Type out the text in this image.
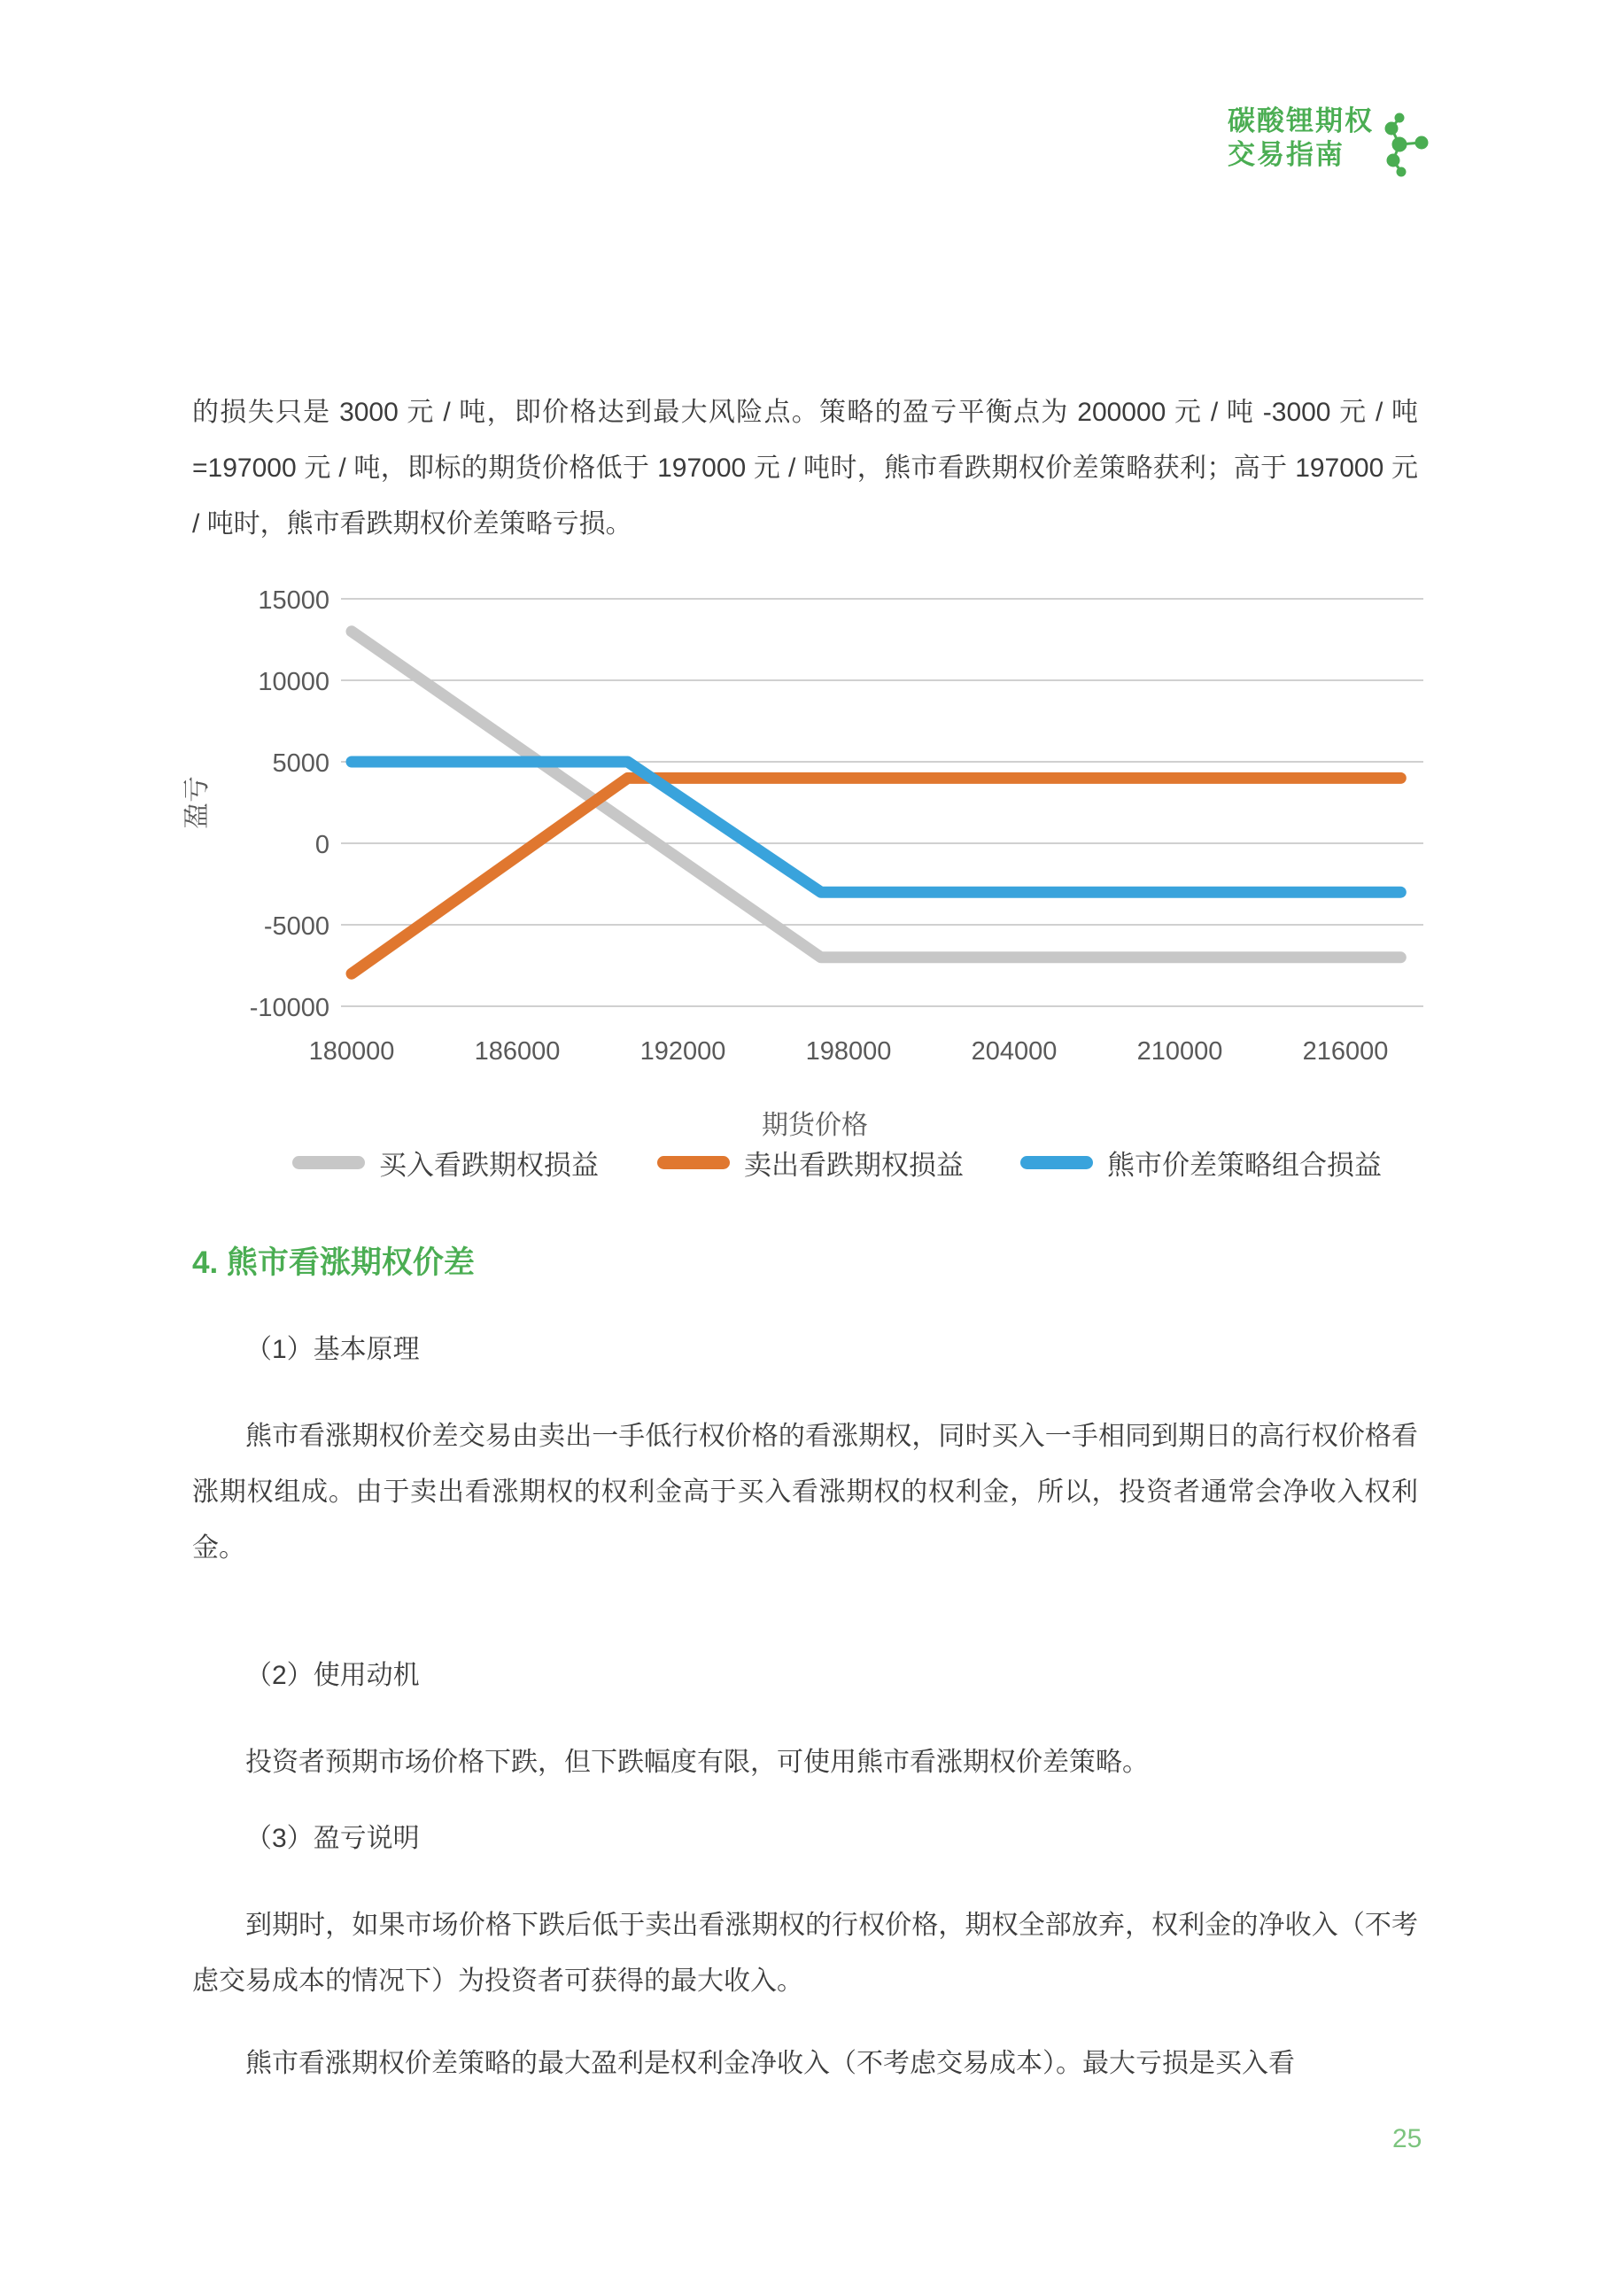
碳酸锂期权
交易指南
的损失只是 3000 元 / 吨，即价格达到最大风险点。策略的盈亏平衡点为 200000 元 / 吨 -3000 元 / 吨 =197000 元 / 吨，即标的期货价格低于 197000 元 / 吨时，熊市看跌期权价差策略获利；高于 197000 元 / 吨时，熊市看跌期权价差策略亏损。
15000
10000
5000
0
-5000
-10000
180000	186000	192000	198000	204000	210000	216000
盈亏
期货价格
买入看跌期权损益	卖出看跌期权损益	熊市价差策略组合损益
4. 熊市看涨期权价差
（1）基本原理
熊市看涨期权价差交易由卖出一手低行权价格的看涨期权，同时买入一手相同到期日的高行权价格看涨期权组成。由于卖出看涨期权的权利金高于买入看涨期权的权利金，所以，投资者通常会净收入权利金。
（2）使用动机
投资者预期市场价格下跌，但下跌幅度有限，可使用熊市看涨期权价差策略。
（3）盈亏说明
到期时，如果市场价格下跌后低于卖出看涨期权的行权价格，期权全部放弃，权利金的净收入（不考虑交易成本的情况下）为投资者可获得的最大收入。
熊市看涨期权价差策略的最大盈利是权利金净收入（不考虑交易成本）。最大亏损是买入看
25
